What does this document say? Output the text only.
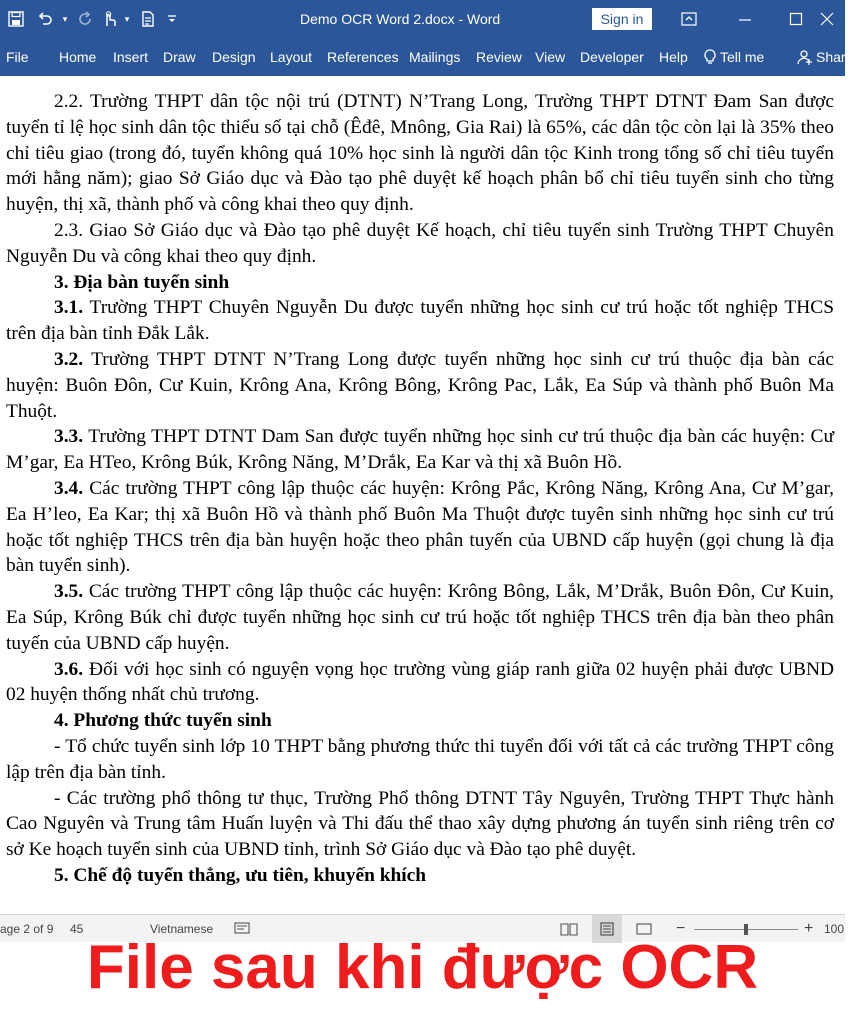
▾	▾	Demo OCR Word 2.docx - Word	Sign in
File Home Insert Draw Design Layout References Mailings Review View Developer Help Tell me	Share

2.2. Trường THPT dân tộc nội trú (DTNT) N’Trang Long, Trường THPT DTNT Đam San được tuyển tỉ lệ học sinh dân tộc thiểu số tại chỗ (Êđê, Mnông, Gia Rai) là 65%, các dân tộc còn lại là 35% theo chỉ tiêu giao (trong đó, tuyển không quá 10% học sinh là người dân tộc Kinh trong tổng số chỉ tiêu tuyển mới hằng năm); giao Sở Giáo dục và Đào tạo phê duyệt kế hoạch phân bổ chỉ tiêu tuyển sinh cho từng huyện, thị xã, thành phố và công khai theo quy định.

2.3. Giao Sở Giáo dục và Đào tạo phê duyệt Kế hoạch, chỉ tiêu tuyển sinh Trường THPT Chuyên Nguyễn Du và công khai theo quy định.

3. Địa bàn tuyển sinh

3.1. Trường THPT Chuyên Nguyễn Du được tuyển những học sinh cư trú hoặc tốt nghiệp THCS trên địa bàn tỉnh Đắk Lắk.

3.2. Trường THPT DTNT N’Trang Long được tuyển những học sinh cư trú thuộc địa bàn các huyện: Buôn Đôn, Cư Kuin, Krông Ana, Krông Bông, Krông Pac, Lắk, Ea Súp và thành phố Buôn Ma Thuột.

3.3. Trường THPT DTNT Dam San được tuyển những học sinh cư trú thuộc địa bàn các huyện: Cư M’gar, Ea HTeo, Krông Búk, Krông Năng, M’Drắk, Ea Kar và thị xã Buôn Hồ.

3.4. Các trường THPT công lập thuộc các huyện: Krông Pắc, Krông Năng, Krông Ana, Cư M’gar, Ea H’leo, Ea Kar; thị xã Buôn Hồ và thành phố Buôn Ma Thuột được tuyên sinh những học sinh cư trú hoặc tốt nghiệp THCS trên địa bàn huyện hoặc theo phân tuyến của UBND cấp huyện (gọi chung là địa bàn tuyển sinh).

3.5. Các trường THPT công lập thuộc các huyện: Krông Bông, Lắk, M’Drắk, Buôn Đôn, Cư Kuin, Ea Súp, Krông Búk chỉ được tuyển những học sinh cư trú hoặc tốt nghiệp THCS trên địa bàn theo phân tuyến của UBND cấp huyện.

3.6. Đối với học sinh có nguyện vọng học trường vùng giáp ranh giữa 02 huyện phải được UBND 02 huyện thống nhất chủ trương.

4. Phương thức tuyển sinh

- Tổ chức tuyển sinh lớp 10 THPT bằng phương thức thi tuyển đối với tất cả các trường THPT công lập trên địa bàn tỉnh.

- Các trường phổ thông tư thục, Trường Phổ thông DTNT Tây Nguyên, Trường THPT Thực hành Cao Nguyên và Trung tâm Huấn luyện và Thi đấu thể thao xây dựng phương án tuyển sinh riêng trên cơ sở Ke hoạch tuyển sinh của UBND tỉnh, trình Sở Giáo dục và Đào tạo phê duyệt.

5. Chế độ tuyển thẳng, ưu tiên, khuyến khích

age 2 of 9 45	Vietnamese	−	+ 100
File sau khi được OCR
